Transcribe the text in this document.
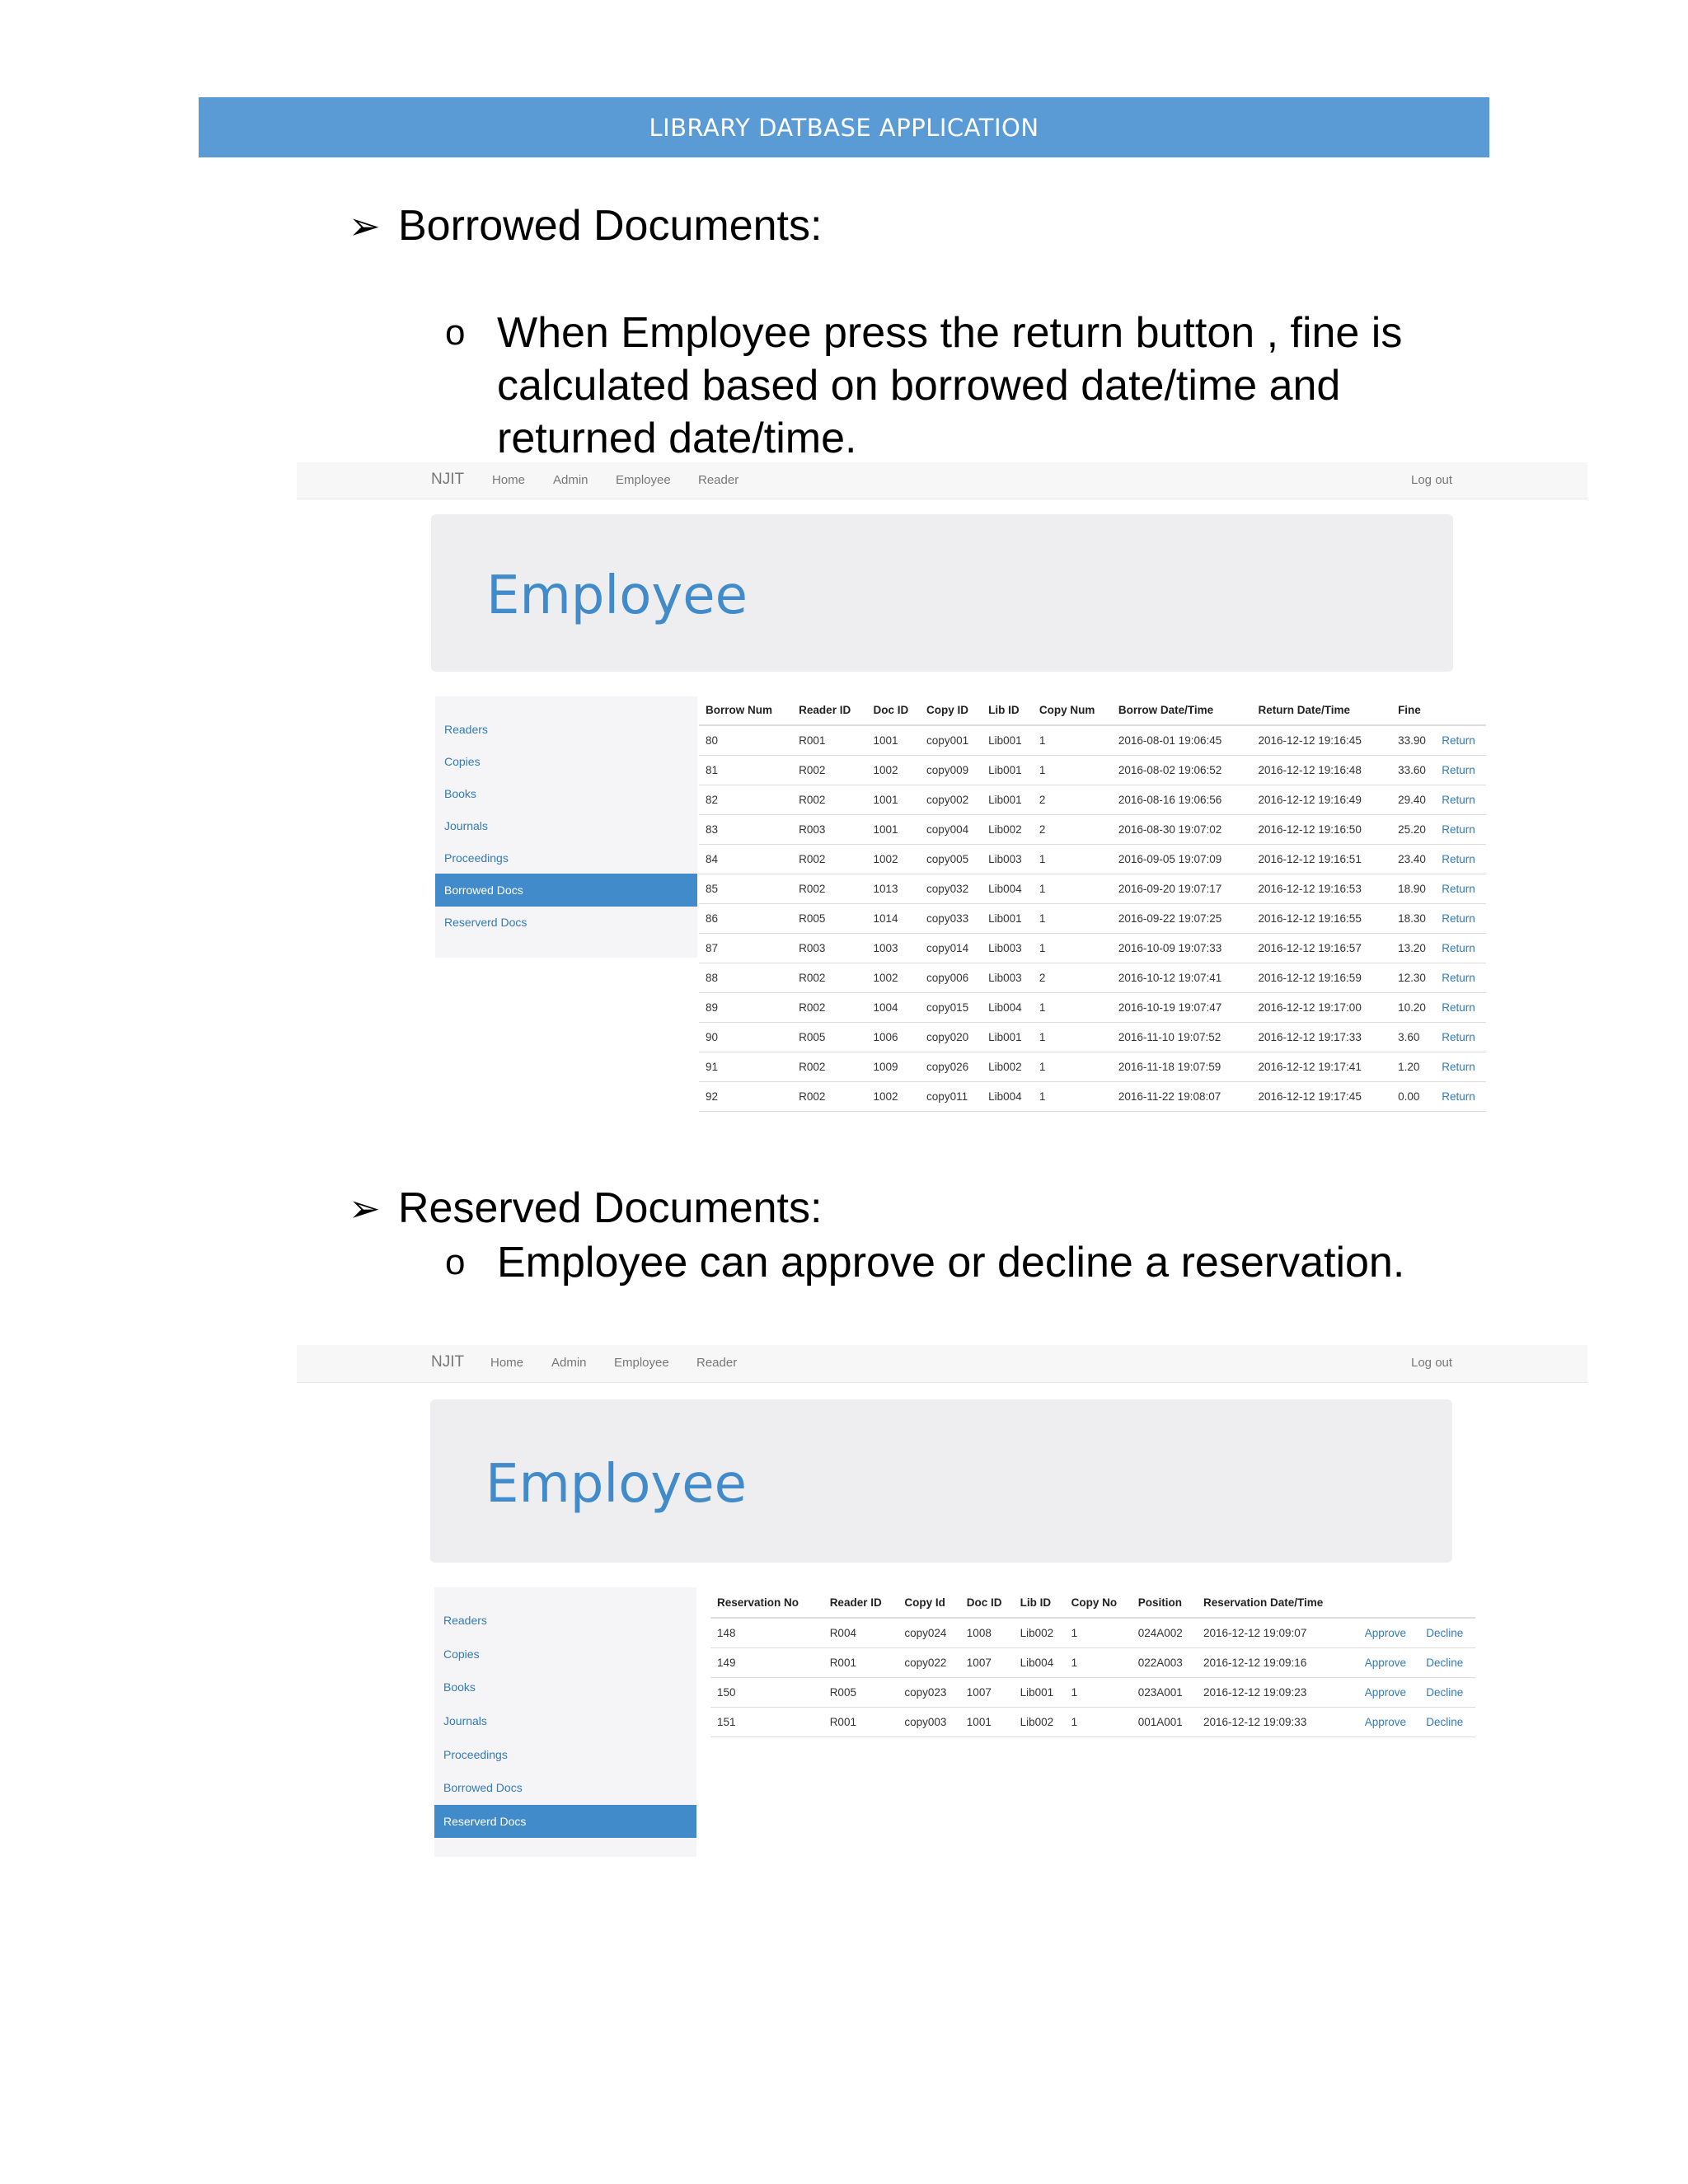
LIBRARY DATBASE APPLICATION
➢ Borrowed Documents:
o When Employee press the return button , fine is
calculated based on borrowed date/time and
returned date/time.
NJIT Home Admin Employee Reader	Log out
Employee
Readers
Copies
Books
Journals
Proceedings
Borrowed Docs
Reserverd Docs
Borrow Num	Reader ID	Doc ID	Copy ID	Lib ID	Copy Num	Borrow Date/Time	Return Date/Time	Fine	
80	R001	1001	copy001	Lib001	1	2016-08-01 19:06:45	2016-12-12 19:16:45	33.90	Return
81	R002	1002	copy009	Lib001	1	2016-08-02 19:06:52	2016-12-12 19:16:48	33.60	Return
82	R002	1001	copy002	Lib001	2	2016-08-16 19:06:56	2016-12-12 19:16:49	29.40	Return
83	R003	1001	copy004	Lib002	2	2016-08-30 19:07:02	2016-12-12 19:16:50	25.20	Return
84	R002	1002	copy005	Lib003	1	2016-09-05 19:07:09	2016-12-12 19:16:51	23.40	Return
85	R002	1013	copy032	Lib004	1	2016-09-20 19:07:17	2016-12-12 19:16:53	18.90	Return
86	R005	1014	copy033	Lib001	1	2016-09-22 19:07:25	2016-12-12 19:16:55	18.30	Return
87	R003	1003	copy014	Lib003	1	2016-10-09 19:07:33	2016-12-12 19:16:57	13.20	Return
88	R002	1002	copy006	Lib003	2	2016-10-12 19:07:41	2016-12-12 19:16:59	12.30	Return
89	R002	1004	copy015	Lib004	1	2016-10-19 19:07:47	2016-12-12 19:17:00	10.20	Return
90	R005	1006	copy020	Lib001	1	2016-11-10 19:07:52	2016-12-12 19:17:33	3.60	Return
91	R002	1009	copy026	Lib002	1	2016-11-18 19:07:59	2016-12-12 19:17:41	1.20	Return
92	R002	1002	copy011	Lib004	1	2016-11-22 19:08:07	2016-12-12 19:17:45	0.00	Return
➢ Reserved Documents:
o Employee can approve or decline a reservation.
NJIT Home Admin Employee Reader	Log out
Employee
Readers
Copies
Books
Journals
Proceedings
Borrowed Docs
Reserverd Docs
Reservation No	Reader ID	Copy Id	Doc ID	Lib ID	Copy No	Position	Reservation Date/Time		
148	R004	copy024	1008	Lib002	1	024A002	2016-12-12 19:09:07	Approve	Decline
149	R001	copy022	1007	Lib004	1	022A003	2016-12-12 19:09:16	Approve	Decline
150	R005	copy023	1007	Lib001	1	023A001	2016-12-12 19:09:23	Approve	Decline
151	R001	copy003	1001	Lib002	1	001A001	2016-12-12 19:09:33	Approve	Decline
